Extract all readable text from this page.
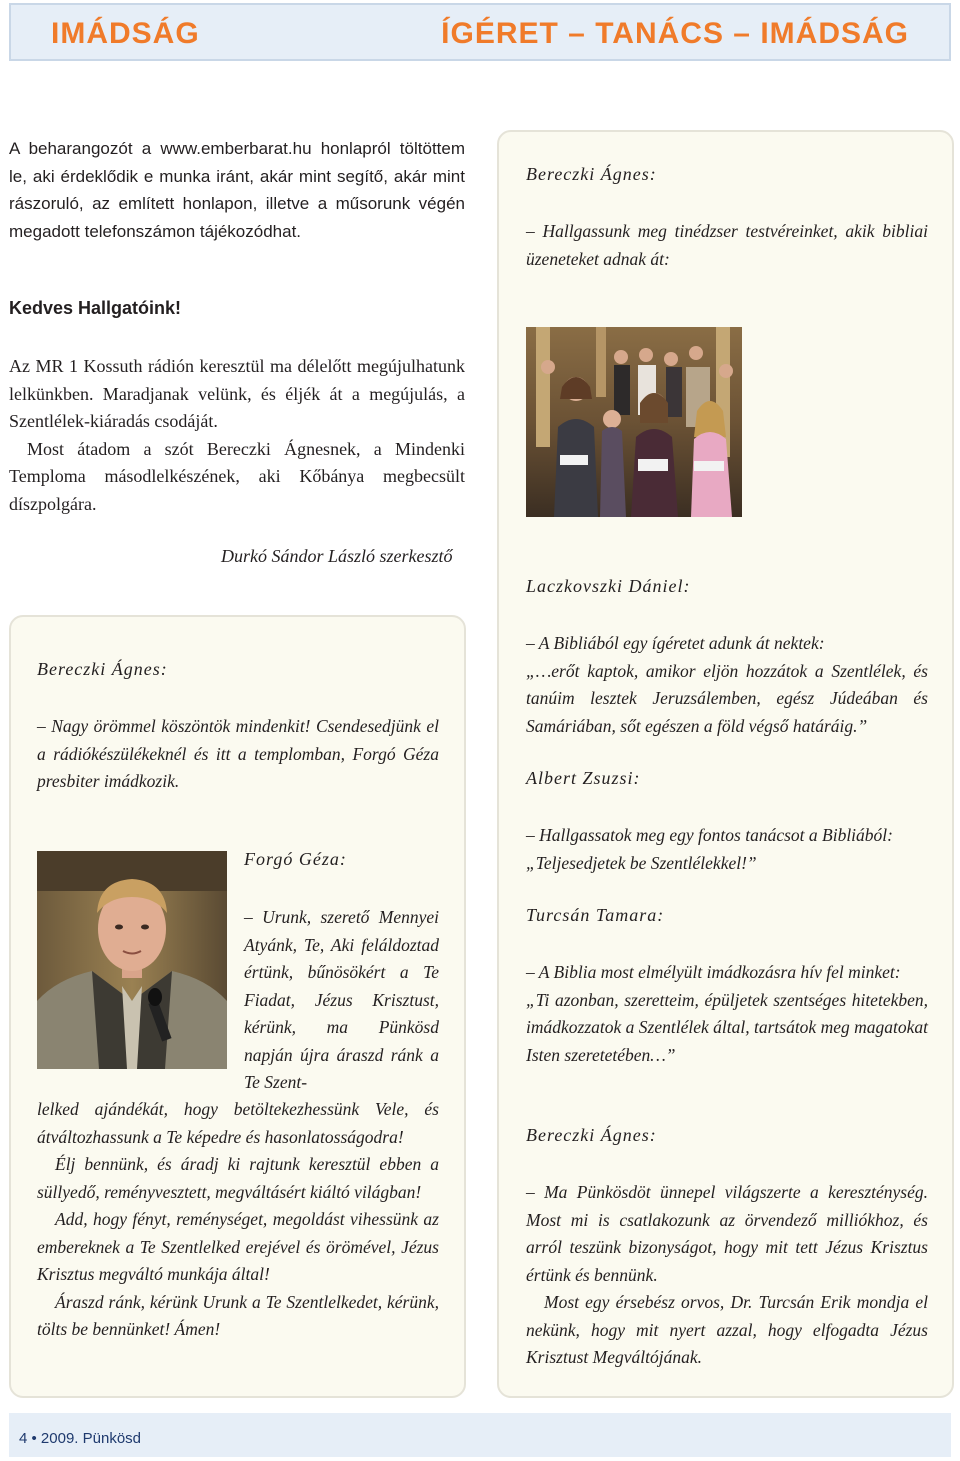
IMÁDSÁG	ÍGÉRET – TANÁCS – IMÁDSÁG

A beharangozót a www.emberbarat.hu honlapról töltöttem le, aki érdeklődik e munka iránt, akár mint segítő, akár mint rászoruló, az említett honlapon, illetve a műsorunk végén megadott telefonszámon tájékozódhat.

Kedves Hallgatóink!

Az MR 1 Kossuth rádión keresztül ma délelőtt megújulhatunk lelkünkben. Maradjanak velünk, és éljék át a megújulás, a Szentlélek-kiáradás csodáját.

Most átadom a szót Bereczki Ágnesnek, a Mindenki Temploma másodlelkészének, aki Kőbánya megbecsült díszpolgára.

Durkó Sándor László szerkesztő
Bereczki Ágnes:

– Nagy örömmel köszöntök mindenkit! Csendesedjünk el a rádiókészülékeknél és itt a templomban, Forgó Géza presbiter imádkozik.

Forgó Géza:

– Urunk, szerető Mennyei Atyánk, Te, Aki feláldoztad értünk, bűnösökért a Te Fiadat, Jézus Krisztust, kérünk, ma Pünkösd napján újra áraszd ránk a Te Szent-

lelked ajándékát, hogy betöltekezhessünk Vele, és átváltozhassunk a Te képedre és hasonlatosságodra!

Élj bennünk, és áradj ki rajtunk keresztül ebben a süllyedő, reményvesztett, megváltásért kiáltó világban!

Add, hogy fényt, reménységet, megoldást vihessünk az embereknek a Te Szentlelked erejével és örömével, Jézus Krisztus megváltó munkája által!

Áraszd ránk, kérünk Urunk a Te Szentlelkedet, kérünk, tölts be bennünket! Ámen!

Bereczki Ágnes:

– Hallgassunk meg tinédzser testvéreinket, akik bibliai üzeneteket adnak át:

Laczkovszki Dániel:

– A Bibliából egy ígéretet adunk át nektek:

„…erőt kaptok, amikor eljön hozzátok a Szentlélek, és tanúim lesztek Jeruzsálemben, egész Júdeában és Samáriában, sőt egészen a föld végső határáig.”

Albert Zsuzsi:

– Hallgassatok meg egy fontos tanácsot a Bibliából:

„Teljesedjetek be Szentlélekkel!”

Turcsán Tamara:

– A Biblia most elmélyült imádkozásra hív fel minket:

„Ti azonban, szeretteim, épüljetek szentséges hitetekben, imádkozzatok a Szentlélek által, tartsátok meg magatokat Isten szeretetében…”

Bereczki Ágnes:

– Ma Pünkösdöt ünnepel világszerte a kereszténység. Most mi is csatlakozunk az örvendező milliókhoz, és arról teszünk bizonyságot, hogy mit tett Jézus Krisztus értünk és bennünk.

Most egy érsebész orvos, Dr. Turcsán Erik mondja el nekünk, hogy mit nyert azzal, hogy elfogadta Jézus Krisztust Megváltójának.

4 • 2009. Pünkösd
